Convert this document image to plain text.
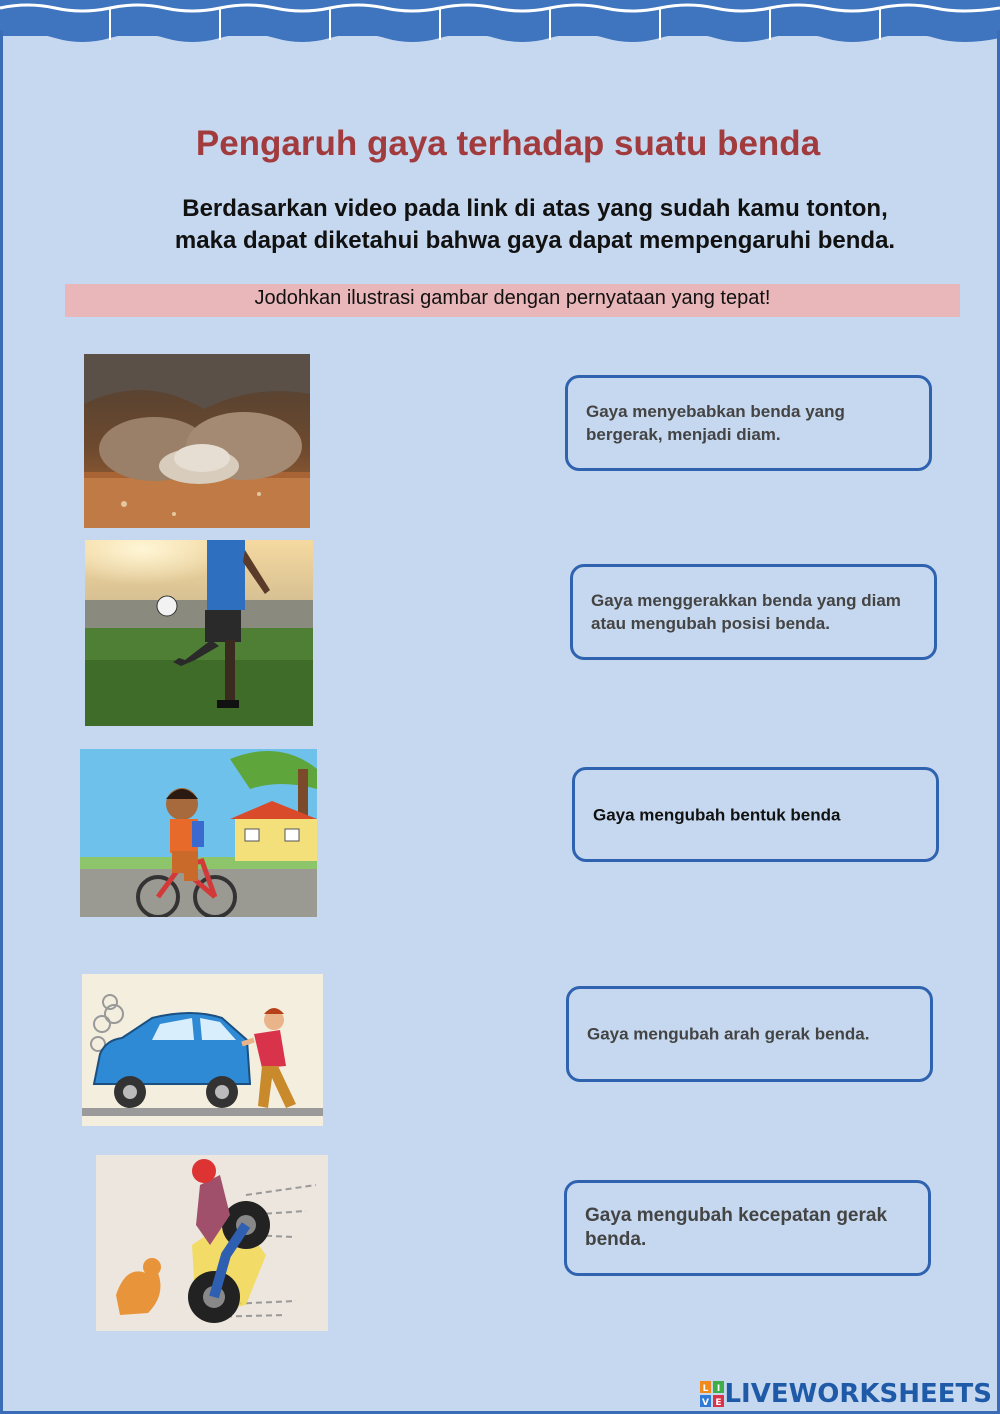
Pengaruh gaya terhadap suatu benda
Berdasarkan video pada link di atas yang sudah kamu tonton,
maka dapat diketahui bahwa gaya dapat mempengaruhi benda.
Jodohkan ilustrasi gambar dengan pernyataan yang tepat!
Gaya menyebabkan benda yang bergerak, menjadi diam.
Gaya menggerakkan benda yang diam atau mengubah posisi benda.
Gaya mengubah bentuk benda
Gaya mengubah arah gerak benda.
Gaya mengubah kecepatan gerak benda.
L I
V E LIVEWORKSHEETS
